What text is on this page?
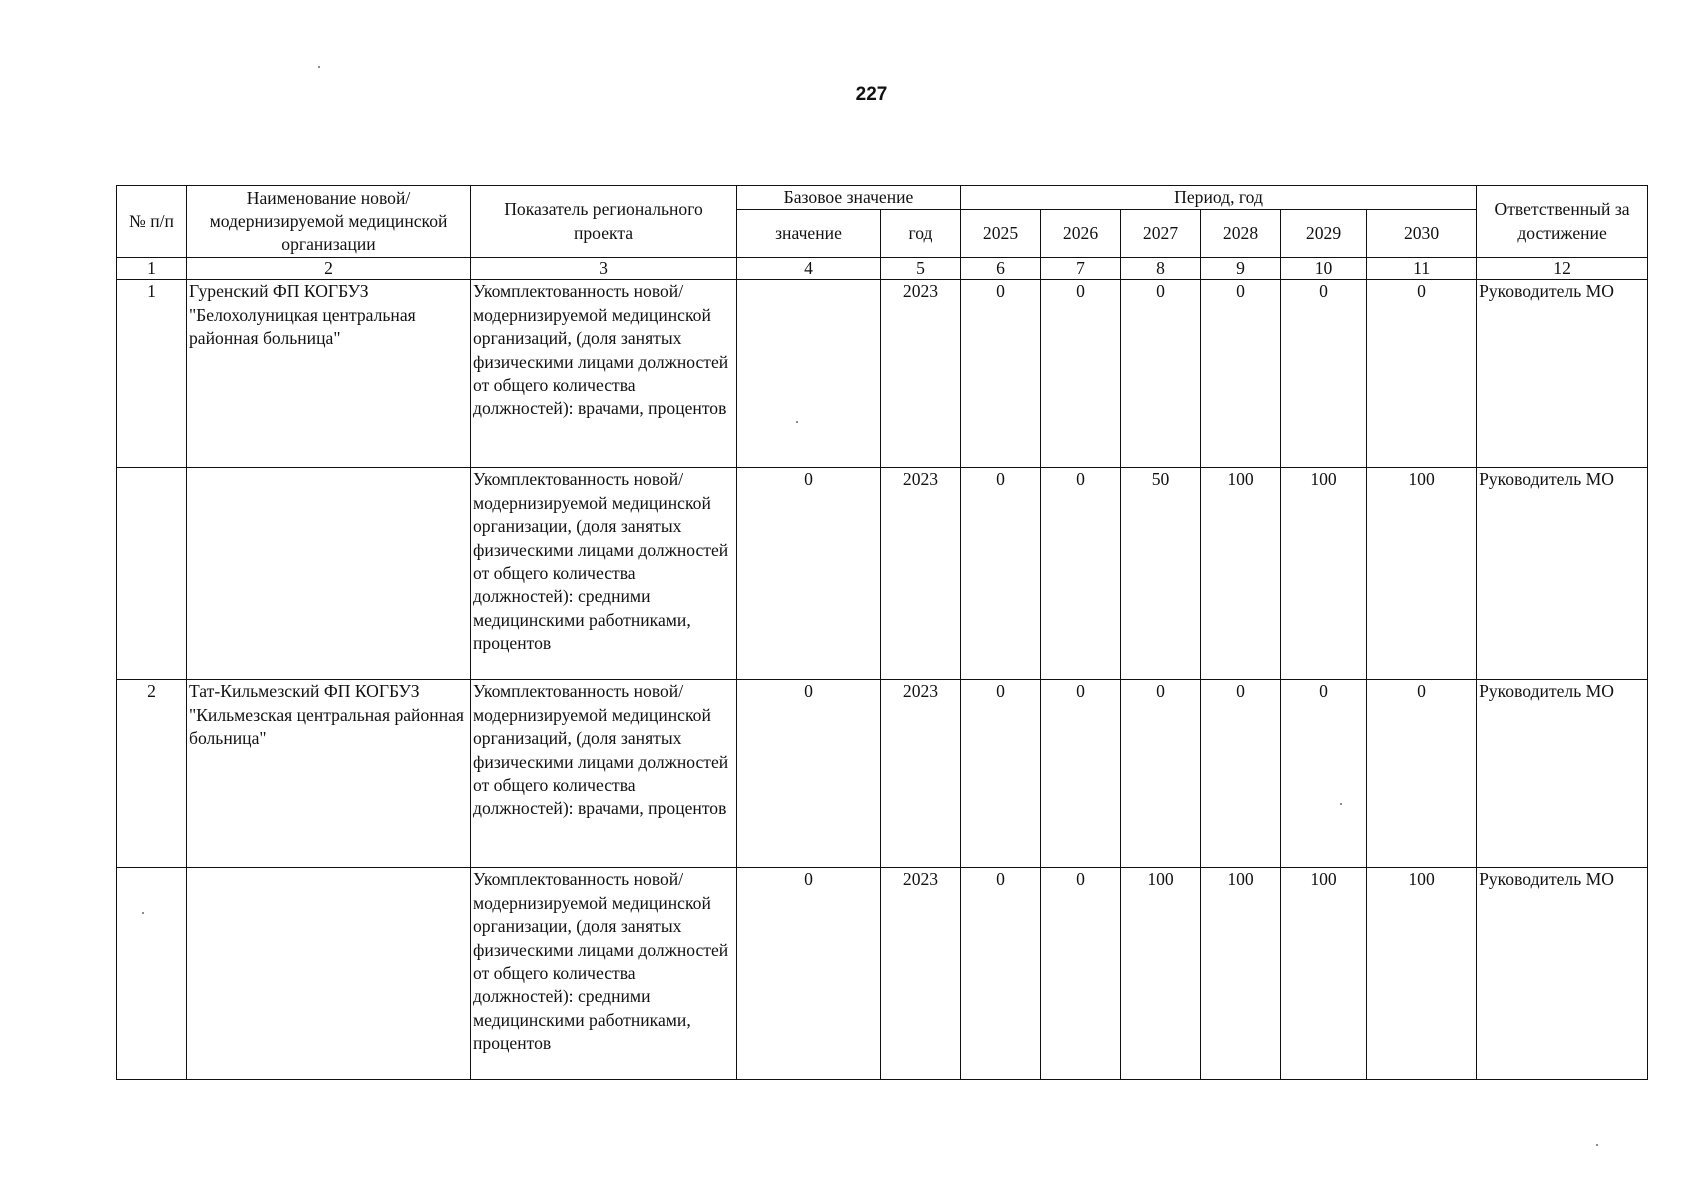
227
№ п/п	Наименование новой/модернизируемой медицинской организации	Показатель регионального проекта	Базовое значение		Период, год						Ответственный за достижение
			значение	год	2025	2026	2027	2028	2029	2030	
1	2	3	4	5	6	7	8	9	10	11	12
1	Гуренский ФП КОГБУЗ "Белохолуницкая центральная районная больница"	Укомплектованность новой/модернизируемой медицинской организаций, (доля занятых физическими лицами должностей от общего количества должностей): врачами, процентов		2023	0	0	0	0	0	0	Руководитель МО
		Укомплектованность новой/модернизируемой медицинской организации, (доля занятых физическими лицами должностей от общего количества должностей): средними медицинскими работниками, процентов	0	2023	0	0	50	100	100	100	Руководитель МО
2	Тат-Кильмезский ФП КОГБУЗ "Кильмезская центральная районная больница"	Укомплектованность новой/модернизируемой медицинской организаций, (доля занятых физическими лицами должностей от общего количества должностей): врачами, процентов	0	2023	0	0	0	0	0	0	Руководитель МО
		Укомплектованность новой/модернизируемой медицинской организации, (доля занятых физическими лицами должностей от общего количества должностей): средними медицинскими работниками, процентов	0	2023	0	0	100	100	100	100	Руководитель МО
